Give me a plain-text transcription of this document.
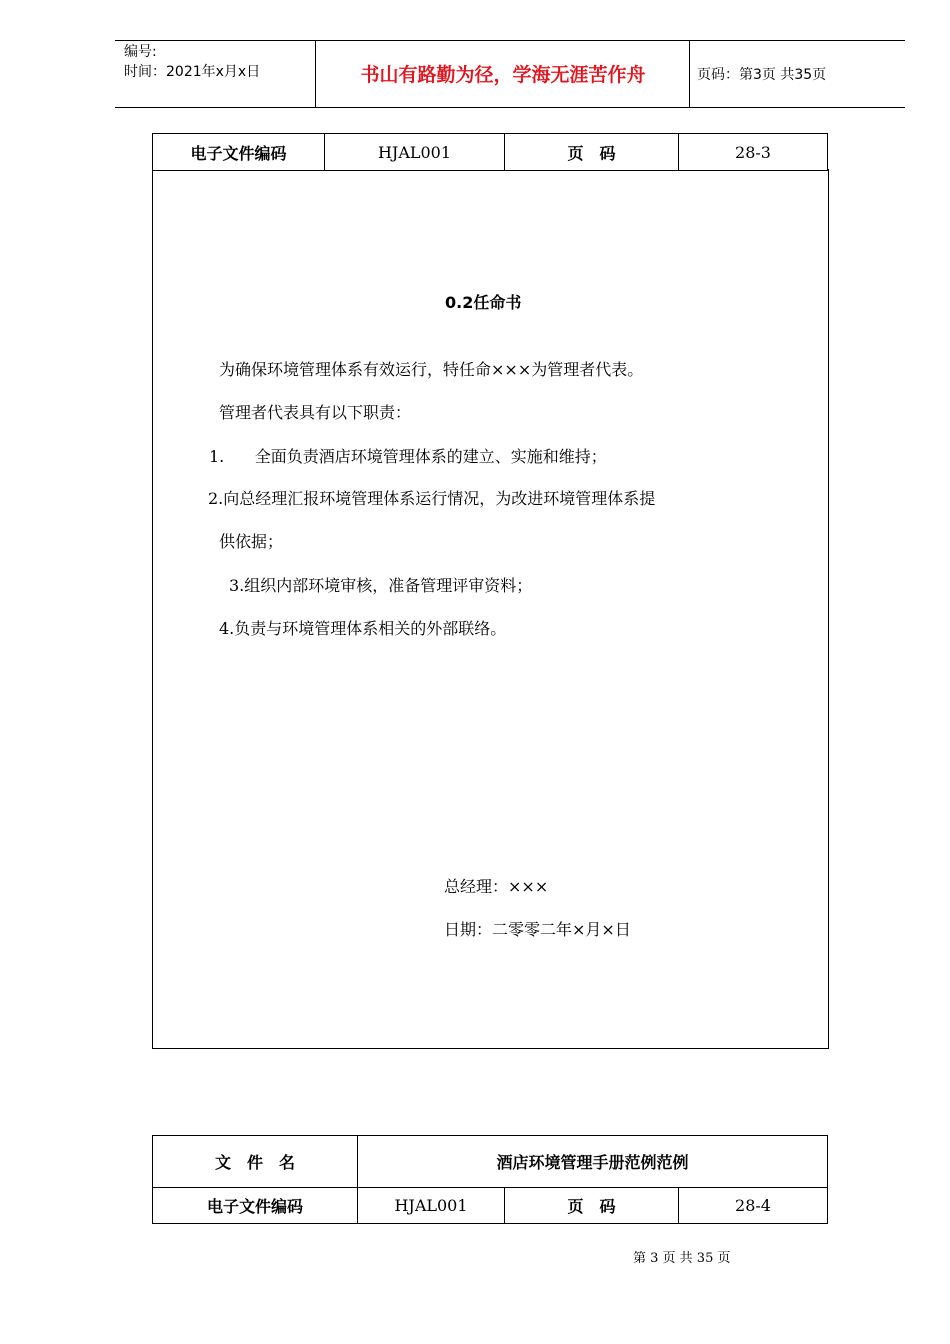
编号:
时间：2021年x月x日	书山有路勤为径，学海无涯苦作舟	页码：第3页 共35页
电子文件编码	HJAL001	页　码	28-3
0.2任命书
为确保环境管理体系有效运行，特任命×××为管理者代表。
管理者代表具有以下职责：
1.      全面负责酒店环境管理体系的建立、实施和维持；
2.向总经理汇报环境管理体系运行情况，为改进环境管理体系提
供依据；
3.组织内部环境审核，准备管理评审资料；
4.负责与环境管理体系相关的外部联络。
总经理：×××
日期：二零零二年×月×日
文　件　名	酒店环境管理手册范例范例		
电子文件编码	HJAL001	页　码	28-4
第 3 页 共 35 页
